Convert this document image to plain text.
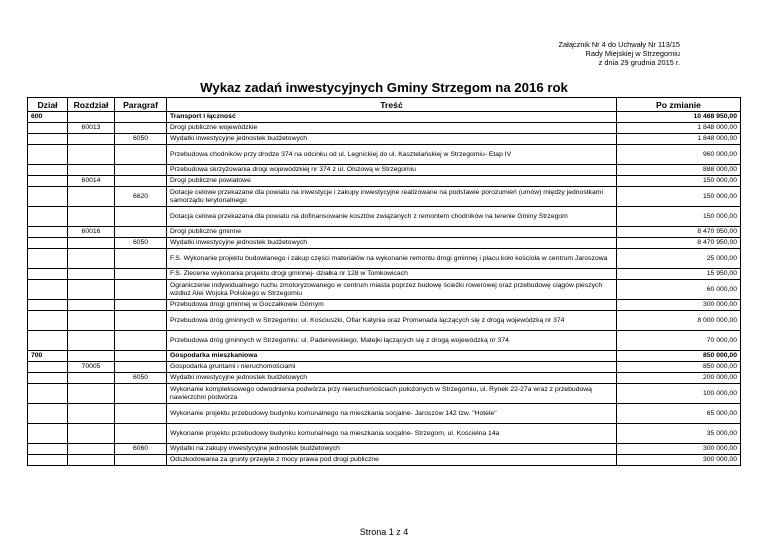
Załącznik Nr 4 do Uchwały Nr 113/15
Rady Miejskiej w Strzegomiu
z dnia 29 grudnia 2015 r.
Wykaz zadań inwestycyjnych Gminy Strzegom na 2016 rok
Dział	Rozdział	Paragraf	Treść	Po zmianie
600			Transport i łączność	10 468 950,00
	60013		Drogi publiczne wojewódzkie	1 848 000,00
		6050	Wydatki inwestycyjne jednostek budżetowych	1 848 000,00
			Przebudowa chodników przy drodze 374 na odcinku od ul. Legnickiej do ul. Kasztelańskiej w Strzegomiu- Etap IV	960 000,00
			Przebudowa skrzyżowania drogi wojewódzkiej nr 374 z ul. Olszową w Strzegomiu	888 000,00
	60014		Drogi publiczne powiatowe	150 000,00
		6620	Dotacje celowe przekazane dla powiatu na inwestycje i zakupy inwestycyjne realizowane na podstawie porozumień (umów) między jednostkami samorządu terytorialnego	150 000,00
			Dotacja celowa przekazana dla powiatu na dofinansowanie kosztów związanych z remontem chodników na terenie Gminy Strzegom	150 000,00
	60016		Drogi publiczne gminne	8 470 950,00
		6050	Wydatki inwestycyjne jednostek budżetowych	8 470 950,00
			F.S. Wykonanie projektu budowlanego i zakup części materiałów na wykonanie remontu drogi gminnej i placu koło kościoła w centrum Jaroszowa	25 000,00
			F.S. Zlecenie wykonania projektu drogi gminnej- działka nr 128 w Tomkowicach	15 950,00
			Ograniczenie indywidualnego ruchu zmotoryzowanego w centrum miasta poprzez budowę ścieżki rowerowej oraz przebudowę ciągów pieszych wzdłuż Alei Wojska Polskiego w Strzegomiu	60 000,00
			Przebudowa drogi gminnej w Goczałkowie Górnym	300 000,00
			Przebudowa dróg gminnych w Strzegomiu: ul. Kościuszki, Ofiar Katynia oraz Promenada łączących się z drogą wojewódzką nr 374	8 000 000,00
			Przebudowa dróg gminnych w Strzegomiu: ul. Paderewskiego, Matejki łączących się z drogą wojewódzką nr 374	70 000,00
700			Gospodarka mieszkaniowa	850 000,00
	70005		Gospodarka gruntami i nieruchomościami	850 000,00
		6050	Wydatki inwestycyjne jednostek budżetowych	200 000,00
			Wykonanie kompleksowego odwodnienia podwórza przy nieruchomościach położonych w Strzegomiu, ul. Rynek 22-27a wraz z przebudową nawierzchni podwórza	100 000,00
			Wykonanie projektu przebudowy budynku komunalnego na mieszkania socjalne- Jaroszów 142 tzw. "Hotele"	65 000,00
			Wykonanie projektu przebudowy budynku komunalnego na mieszkania socjalne- Strzegom, ul. Kościelna 14a	35 000,00
		6060	Wydatki na zakupy inwestycyjne jednostek budżetowych	300 000,00
			Odszkodowania za grunty przejęte z mocy prawa pod drogi publiczne	300 000,00
Strona 1 z 4
